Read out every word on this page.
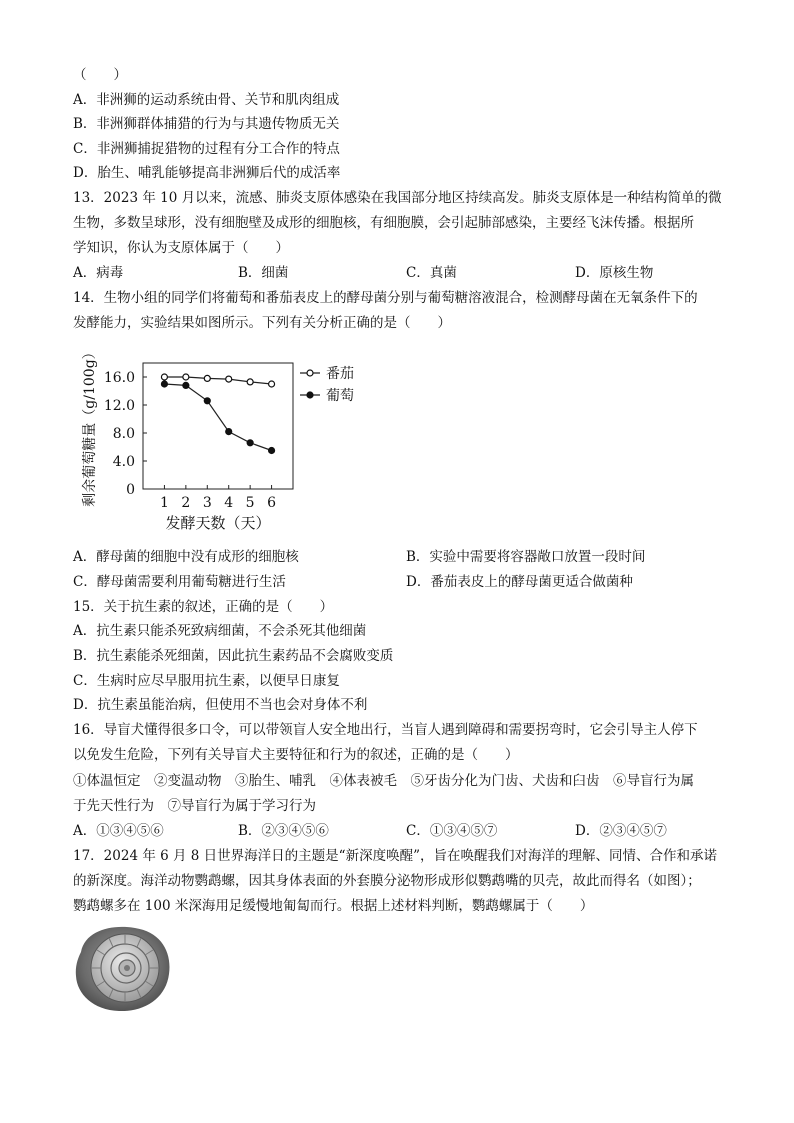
（　　）
A．非洲狮的运动系统由骨、关节和肌肉组成
B．非洲狮群体捕猎的行为与其遗传物质无关
C．非洲狮捕捉猎物的过程有分工合作的特点
D．胎生、哺乳能够提高非洲狮后代的成活率
13．2023 年 10 月以来，流感、肺炎支原体感染在我国部分地区持续高发。肺炎支原体是一种结构简单的微
生物，多数呈球形，没有细胞壁及成形的细胞核，有细胞膜，会引起肺部感染，主要经飞沫传播。根据所
学知识，你认为支原体属于（　　）
A．病毒	B．细菌	C．真菌	D．原核生物
14．生物小组的同学们将葡萄和番茄表皮上的酵母菌分别与葡萄糖溶液混合，检测酵母菌在无氧条件下的
发酵能力，实验结果如图所示。下列有关分析正确的是（　　）
0
4.0
8.0
12.0
16.0
1 2 3 4 5 6
发酵天数（天）
剩余葡萄糖量（g/100g）	番茄
葡萄
A．酵母菌的细胞中没有成形的细胞核	B．实验中需要将容器敞口放置一段时间
C．酵母菌需要利用葡萄糖进行生活	D．番茄表皮上的酵母菌更适合做菌种
15．关于抗生素的叙述，正确的是（　　）
A．抗生素只能杀死致病细菌，不会杀死其他细菌
B．抗生素能杀死细菌，因此抗生素药品不会腐败变质
C．生病时应尽早服用抗生素，以便早日康复
D．抗生素虽能治病，但使用不当也会对身体不利
16．导盲犬懂得很多口令，可以带领盲人安全地出行，当盲人遇到障碍和需要拐弯时，它会引导主人停下
以免发生危险，下列有关导盲犬主要特征和行为的叙述，正确的是（　　）
①体温恒定　②变温动物　③胎生、哺乳　④体表被毛　⑤牙齿分化为门齿、犬齿和臼齿　⑥导盲行为属
于先天性行为　⑦导盲行为属于学习行为
A．①③④⑤⑥	B．②③④⑤⑥	C．①③④⑤⑦	D．②③④⑤⑦
17．2024 年 6 月 8 日世界海洋日的主题是“新深度唤醒”，旨在唤醒我们对海洋的理解、同情、合作和承诺
的新深度。海洋动物鹦鹉螺，因其身体表面的外套膜分泌物形成形似鹦鹉嘴的贝壳，故此而得名（如图）；
鹦鹉螺多在 100 米深海用足缓慢地匍匐而行。根据上述材料判断，鹦鹉螺属于（　　）
